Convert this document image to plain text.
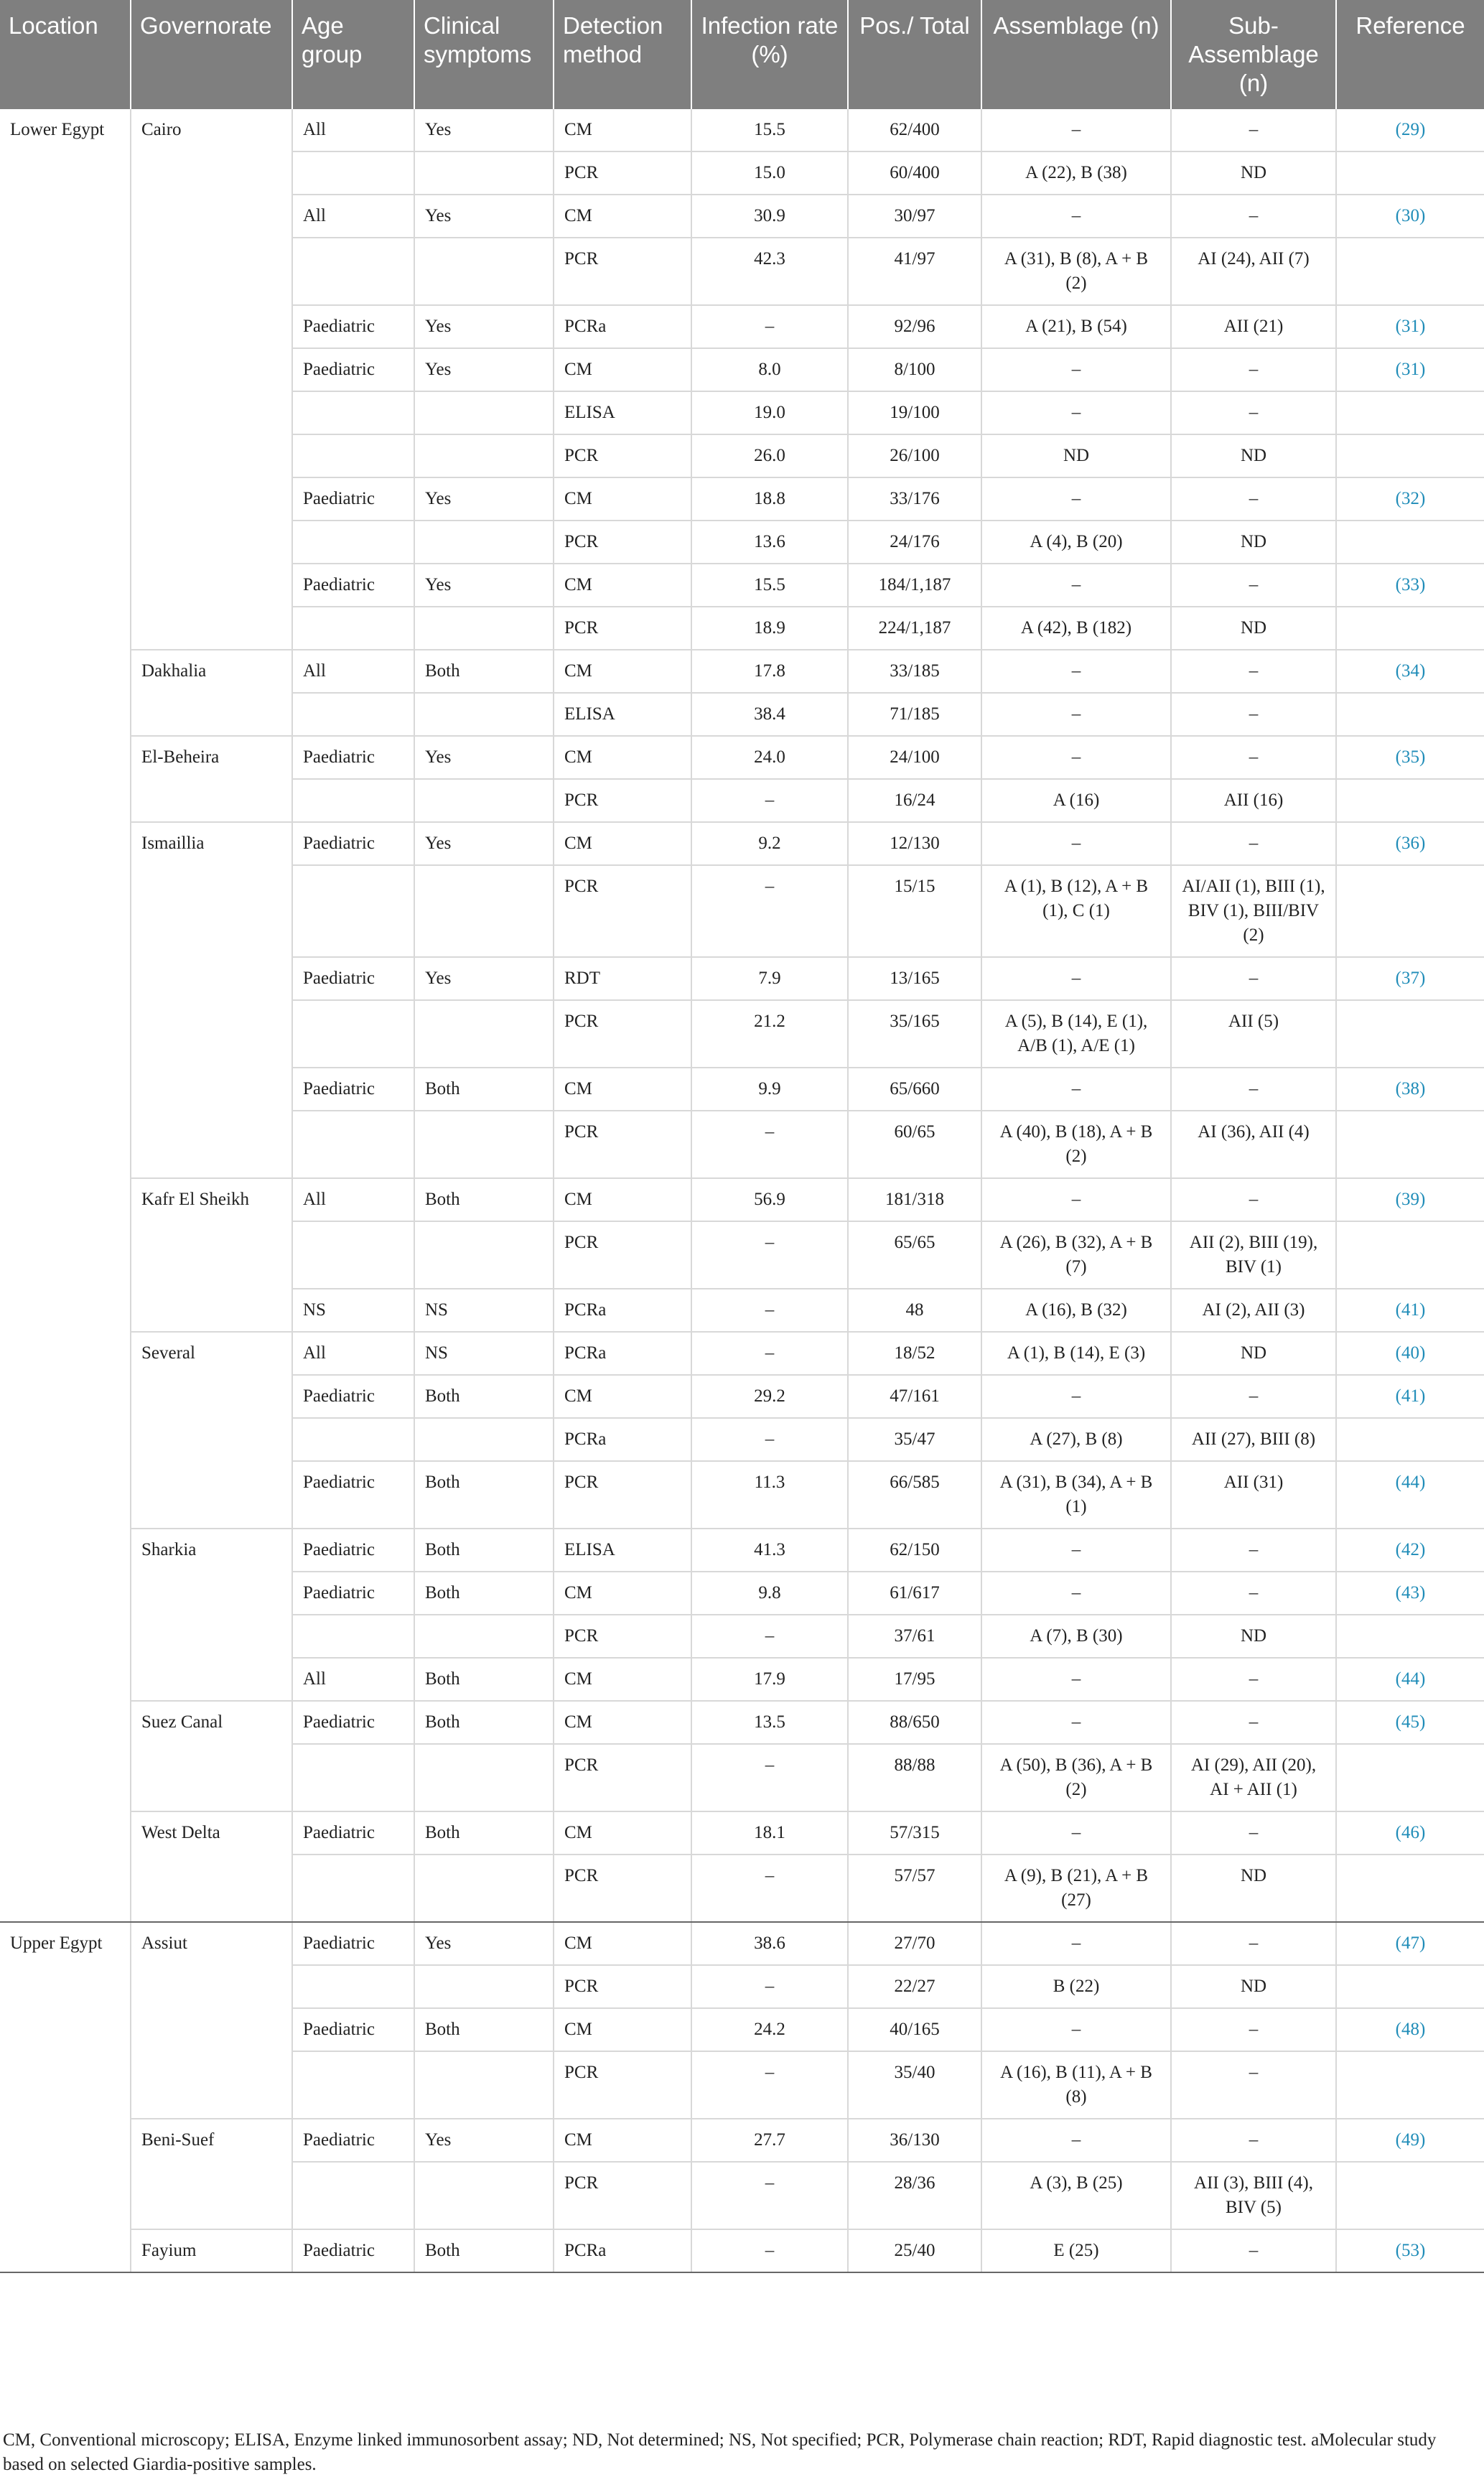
Location	Governorate	Age group	Clinical symptoms	Detection method	Infection rate (%)	Pos./ Total	Assemblage (n)	Sub-Assemblage (n)	Reference
Lower Egypt	Cairo	All	Yes	CM	15.5	62/400	–	–	(29)
				PCR	15.0	60/400	A (22), B (38)	ND	
		All	Yes	CM	30.9	30/97	–	–	(30)
				PCR	42.3	41/97	A (31), B (8), A + B (2)	AI (24), AII (7)	
		Paediatric	Yes	PCRa	–	92/96	A (21), B (54)	AII (21)	(31)
		Paediatric	Yes	CM	8.0	8/100	–	–	(31)
				ELISA	19.0	19/100	–	–	
				PCR	26.0	26/100	ND	ND	
		Paediatric	Yes	CM	18.8	33/176	–	–	(32)
				PCR	13.6	24/176	A (4), B (20)	ND	
		Paediatric	Yes	CM	15.5	184/1,187	–	–	(33)
				PCR	18.9	224/1,187	A (42), B (182)	ND	
	Dakhalia	All	Both	CM	17.8	33/185	–	–	(34)
				ELISA	38.4	71/185	–	–	
	El-Beheira	Paediatric	Yes	CM	24.0	24/100	–	–	(35)
				PCR	–	16/24	A (16)	AII (16)	
	Ismaillia	Paediatric	Yes	CM	9.2	12/130	–	–	(36)
				PCR	–	15/15	A (1), B (12), A + B (1), C (1)	AI/AII (1), BIII (1), BIV (1), BIII/BIV (2)	
		Paediatric	Yes	RDT	7.9	13/165	–	–	(37)
				PCR	21.2	35/165	A (5), B (14), E (1), A/B (1), A/E (1)	AII (5)	
		Paediatric	Both	CM	9.9	65/660	–	–	(38)
				PCR	–	60/65	A (40), B (18), A + B (2)	AI (36), AII (4)	
	Kafr El Sheikh	All	Both	CM	56.9	181/318	–	–	(39)
				PCR	–	65/65	A (26), B (32), A + B (7)	AII (2), BIII (19), BIV (1)	
		NS	NS	PCRa	–	48	A (16), B (32)	AI (2), AII (3)	(41)
	Several	All	NS	PCRa	–	18/52	A (1), B (14), E (3)	ND	(40)
		Paediatric	Both	CM	29.2	47/161	–	–	(41)
				PCRa	–	35/47	A (27), B (8)	AII (27), BIII (8)	
		Paediatric	Both	PCR	11.3	66/585	A (31), B (34), A + B (1)	AII (31)	(44)
	Sharkia	Paediatric	Both	ELISA	41.3	62/150	–	–	(42)
		Paediatric	Both	CM	9.8	61/617	–	–	(43)
				PCR	–	37/61	A (7), B (30)	ND	
		All	Both	CM	17.9	17/95	–	–	(44)
	Suez Canal	Paediatric	Both	CM	13.5	88/650	–	–	(45)
				PCR	–	88/88	A (50), B (36), A + B (2)	AI (29), AII (20), AI + AII (1)	
	West Delta	Paediatric	Both	CM	18.1	57/315	–	–	(46)
				PCR	–	57/57	A (9), B (21), A + B (27)	ND	
Upper Egypt	Assiut	Paediatric	Yes	CM	38.6	27/70	–	–	(47)
				PCR	–	22/27	B (22)	ND	
		Paediatric	Both	CM	24.2	40/165	–	–	(48)
				PCR	–	35/40	A (16), B (11), A + B (8)	–	
	Beni-Suef	Paediatric	Yes	CM	27.7	36/130	–	–	(49)
				PCR	–	28/36	A (3), B (25)	AII (3), BIII (4), BIV (5)	
	Fayium	Paediatric	Both	PCRa	–	25/40	E (25)	–	(53)
CM, Conventional microscopy; ELISA, Enzyme linked immunosorbent assay; ND, Not determined; NS, Not specified; PCR, Polymerase chain reaction; RDT, Rapid diagnostic test. aMolecular study based on selected Giardia-positive samples.
